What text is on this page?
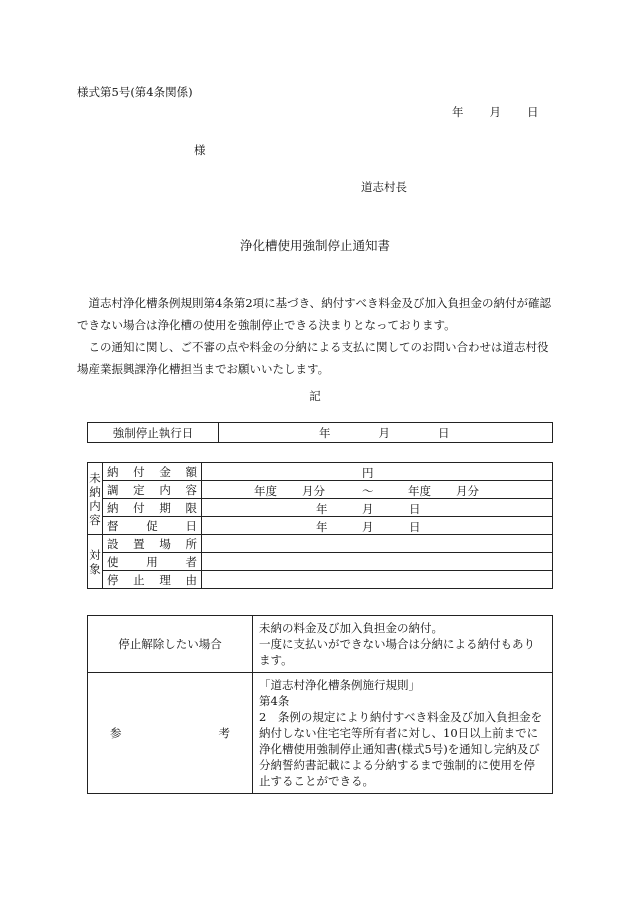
様式第5号(第4条関係)
年 月 日
様
道志村長
浄化槽使用強制停止通知書

道志村浄化槽条例規則第4条第2項に基づき、納付すべき料金及び加入負担金の納付が確認できない場合は浄化槽の使用を強制停止できる決まりとなっております。

この通知に関し、ご不審の点や料金の分納による支払に関してのお問い合わせは道志村役場産業振興課浄化槽担当までお願いいたします。

記
強制停止執行日	年	月	日
未納内容	納付金額	円

	調定内容	年度 月分 ～ 年度 月分

	納付期限	年 月 日

	督促日	年 月 日

対象	設置場所	
	使用者	
	停止理由	
停止解除したい場合	未納の料金及び加入負担金の納付。
一度に支払いができない場合は分納による納付もあります。

参考	「道志村浄化槽条例施行規則」
第4条
2　条例の規定により納付すべき料金及び加入負担金を納付しない住宅宅等所有者に対し、10日以上前までに浄化槽使用強制停止通知書(様式5号)を通知し完納及び分納誓約書記載による分納するまで強制的に使用を停止することができる。
